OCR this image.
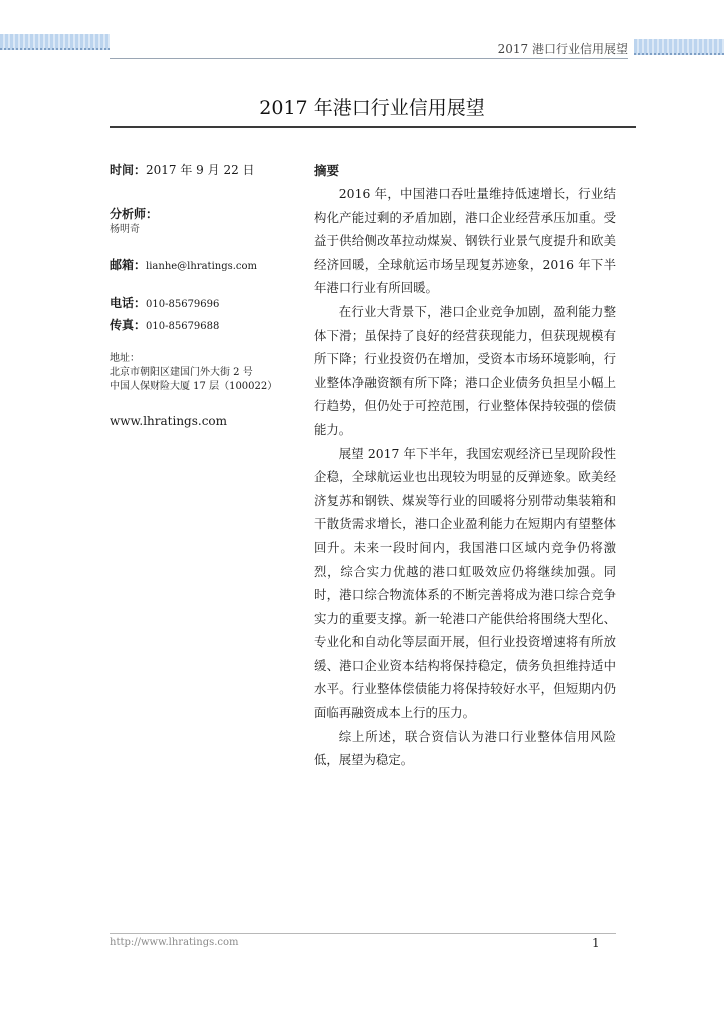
2017 港口行业信用展望
2017 年港口行业信用展望
时间：2017 年 9 月 22 日
分析师：
杨明奇
邮箱：lianhe@lhratings.com
电话：010-85679696
传真：010-85679688
地址：
北京市朝阳区建国门外大街 2 号
中国人保财险大厦 17 层（100022）
www.lhratings.com
摘要

2016 年，中国港口吞吐量维持低速增长，行业结构化产能过剩的矛盾加剧，港口企业经营承压加重。受益于供给侧改革拉动煤炭、钢铁行业景气度提升和欧美经济回暖，全球航运市场呈现复苏迹象，2016 年下半年港口行业有所回暖。

在行业大背景下，港口企业竞争加剧，盈利能力整体下滑；虽保持了良好的经营获现能力，但获现规模有所下降；行业投资仍在增加，受资本市场环境影响，行业整体净融资额有所下降；港口企业债务负担呈小幅上行趋势，但仍处于可控范围，行业整体保持较强的偿债能力。

展望 2017 年下半年，我国宏观经济已呈现阶段性企稳，全球航运业也出现较为明显的反弹迹象。欧美经济复苏和钢铁、煤炭等行业的回暖将分别带动集装箱和干散货需求增长，港口企业盈利能力在短期内有望整体回升。未来一段时间内，我国港口区域内竞争仍将激烈，综合实力优越的港口虹吸效应仍将继续加强。同时，港口综合物流体系的不断完善将成为港口综合竞争实力的重要支撑。新一轮港口产能供给将围绕大型化、专业化和自动化等层面开展，但行业投资增速将有所放缓、港口企业资本结构将保持稳定，债务负担维持适中水平。行业整体偿债能力将保持较好水平，但短期内仍面临再融资成本上行的压力。

综上所述，联合资信认为港口行业整体信用风险低，展望为稳定。

http://www.lhratings.com	1
